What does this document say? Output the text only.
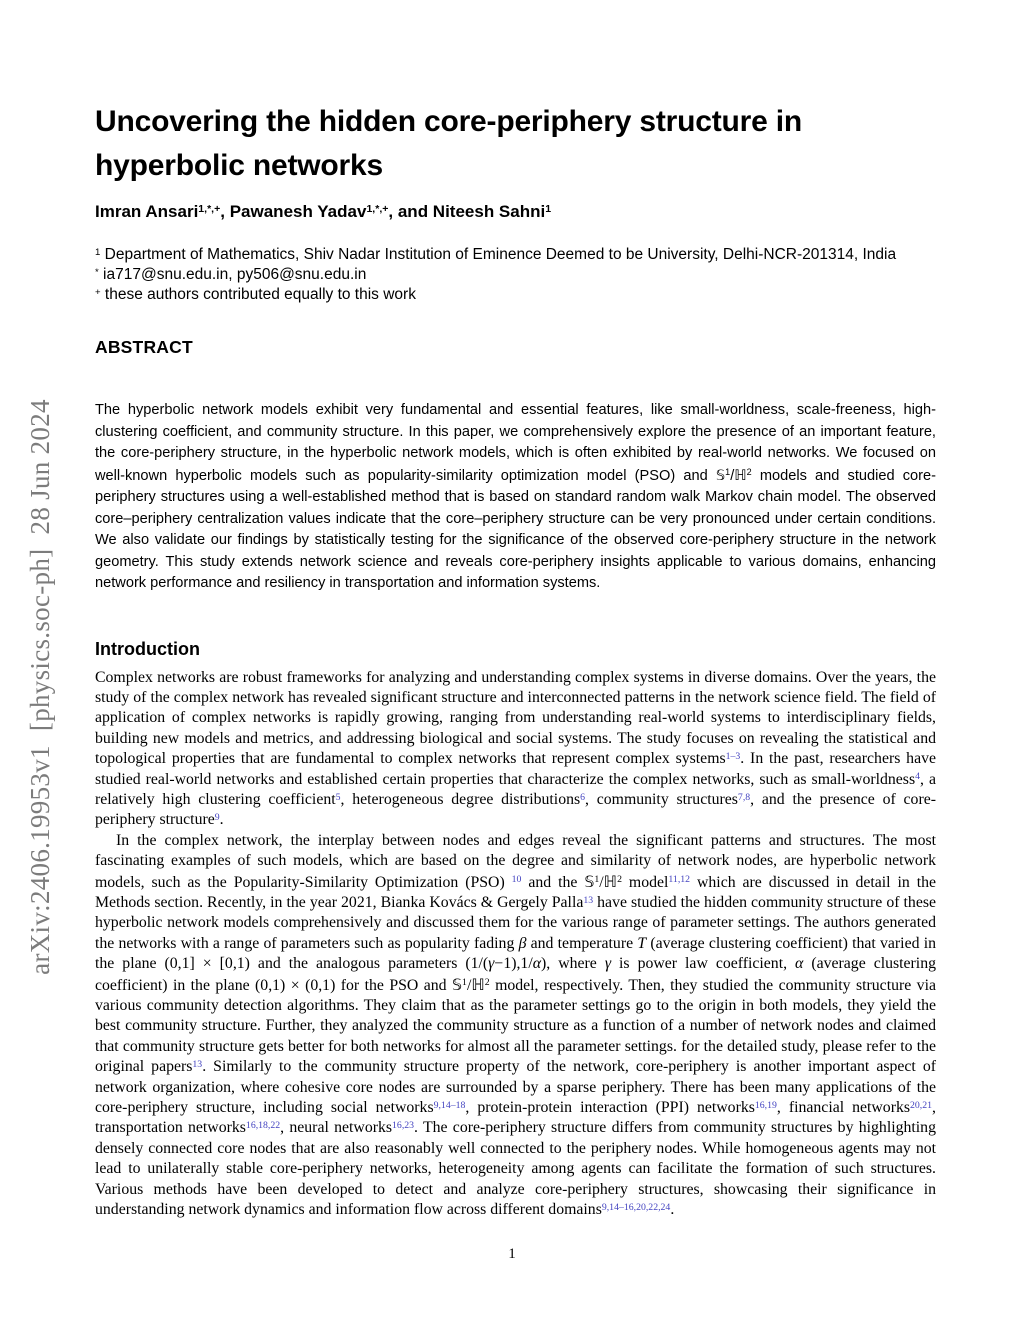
arXiv:2406.19953v1  [physics.soc-ph]  28 Jun 2024
Uncovering the hidden core-periphery structure in
hyperbolic networks
Imran Ansari$^{1,*,+}$, Pawanesh Yadav$^{1,*,+}$, and Niteesh Sahni$^1$
$^1$ Department of Mathematics, Shiv Nadar Institution of Eminence Deemed to be University, Delhi-NCR-201314, India
* ia717@snu.edu.in, py506@snu.edu.in
+ these authors contributed equally to this work
ABSTRACT

The hyperbolic network models exhibit very fundamental and essential features, like small-worldness, scale-freeness, high-clustering coefficient, and community structure. In this paper, we comprehensively explore the presence of an important feature, the core-periphery structure, in the hyperbolic network models, which is often exhibited by real-world networks. We focused on well-known hyperbolic models such as popularity-similarity optimization model (PSO) and 𝕊$^1$/ℍ$^2$ models and studied core-periphery structures using a well-established method that is based on standard random walk Markov chain model. The observed core–periphery centralization values indicate that the core–periphery structure can be very pronounced under certain conditions. We also validate our findings by statistically testing for the significance of the observed core-periphery structure in the network geometry. This study extends network science and reveals core-periphery insights applicable to various domains, enhancing network performance and resiliency in transportation and information systems.

Introduction

Complex networks are robust frameworks for analyzing and understanding complex systems in diverse domains. Over the years, the study of the complex network has revealed significant structure and interconnected patterns in the network science field. The field of application of complex networks is rapidly growing, ranging from understanding real-world systems to interdisciplinary fields, building new models and metrics, and addressing biological and social systems. The study focuses on revealing the statistical and topological properties that are fundamental to complex networks that represent complex systems$^{1-3}$. In the past, researchers have studied real-world networks and established certain properties that characterize the complex networks, such as small-worldness$^4$, a relatively high clustering coefficient$^5$, heterogeneous degree distributions$^6$, community structures$^{7,8}$, and the presence of core-periphery structure$^9$.

In the complex network, the interplay between nodes and edges reveal the significant patterns and structures. The most fascinating examples of such models, which are based on the degree and similarity of network nodes, are hyperbolic network models, such as the Popularity-Similarity Optimization (PSO) $^{10}$ and the 𝕊$^1$/ℍ$^2$ model$^{11,12}$ which are discussed in detail in the Methods section. Recently, in the year 2021, Bianka Kovács & Gergely Palla$^{13}$ have studied the hidden community structure of these hyperbolic network models comprehensively and discussed them for the various range of parameter settings. The authors generated the networks with a range of parameters such as popularity fading β and temperature T (average clustering coefficient) that varied in the plane (0,1] × [0,1) and the analogous parameters (1/(γ−1),1/α), where γ is power law coefficient, α (average clustering coefficient) in the plane (0,1) × (0,1) for the PSO and 𝕊$^1$/ℍ$^2$ model, respectively. Then, they studied the community structure via various community detection algorithms. They claim that as the parameter settings go to the origin in both models, they yield the best community structure. Further, they analyzed the community structure as a function of a number of network nodes and claimed that community structure gets better for both networks for almost all the parameter settings. for the detailed study, please refer to the original papers$^{13}$. Similarly to the community structure property of the network, core-periphery is another important aspect of network organization, where cohesive core nodes are surrounded by a sparse periphery. There has been many applications of the core-periphery structure, including social networks$^{9,14-18}$, protein-protein interaction (PPI) networks$^{16,19}$, financial networks$^{20,21}$, transportation networks$^{16,18,22}$, neural networks$^{16,23}$. The core-periphery structure differs from community structures by highlighting densely connected core nodes that are also reasonably well connected to the periphery nodes. While homogeneous agents may not lead to unilaterally stable core-periphery networks, heterogeneity among agents can facilitate the formation of such structures. Various methods have been developed to detect and analyze core-periphery structures, showcasing their significance in understanding network dynamics and information flow across different domains$^{9,14-16,20,22,24}$.

1
